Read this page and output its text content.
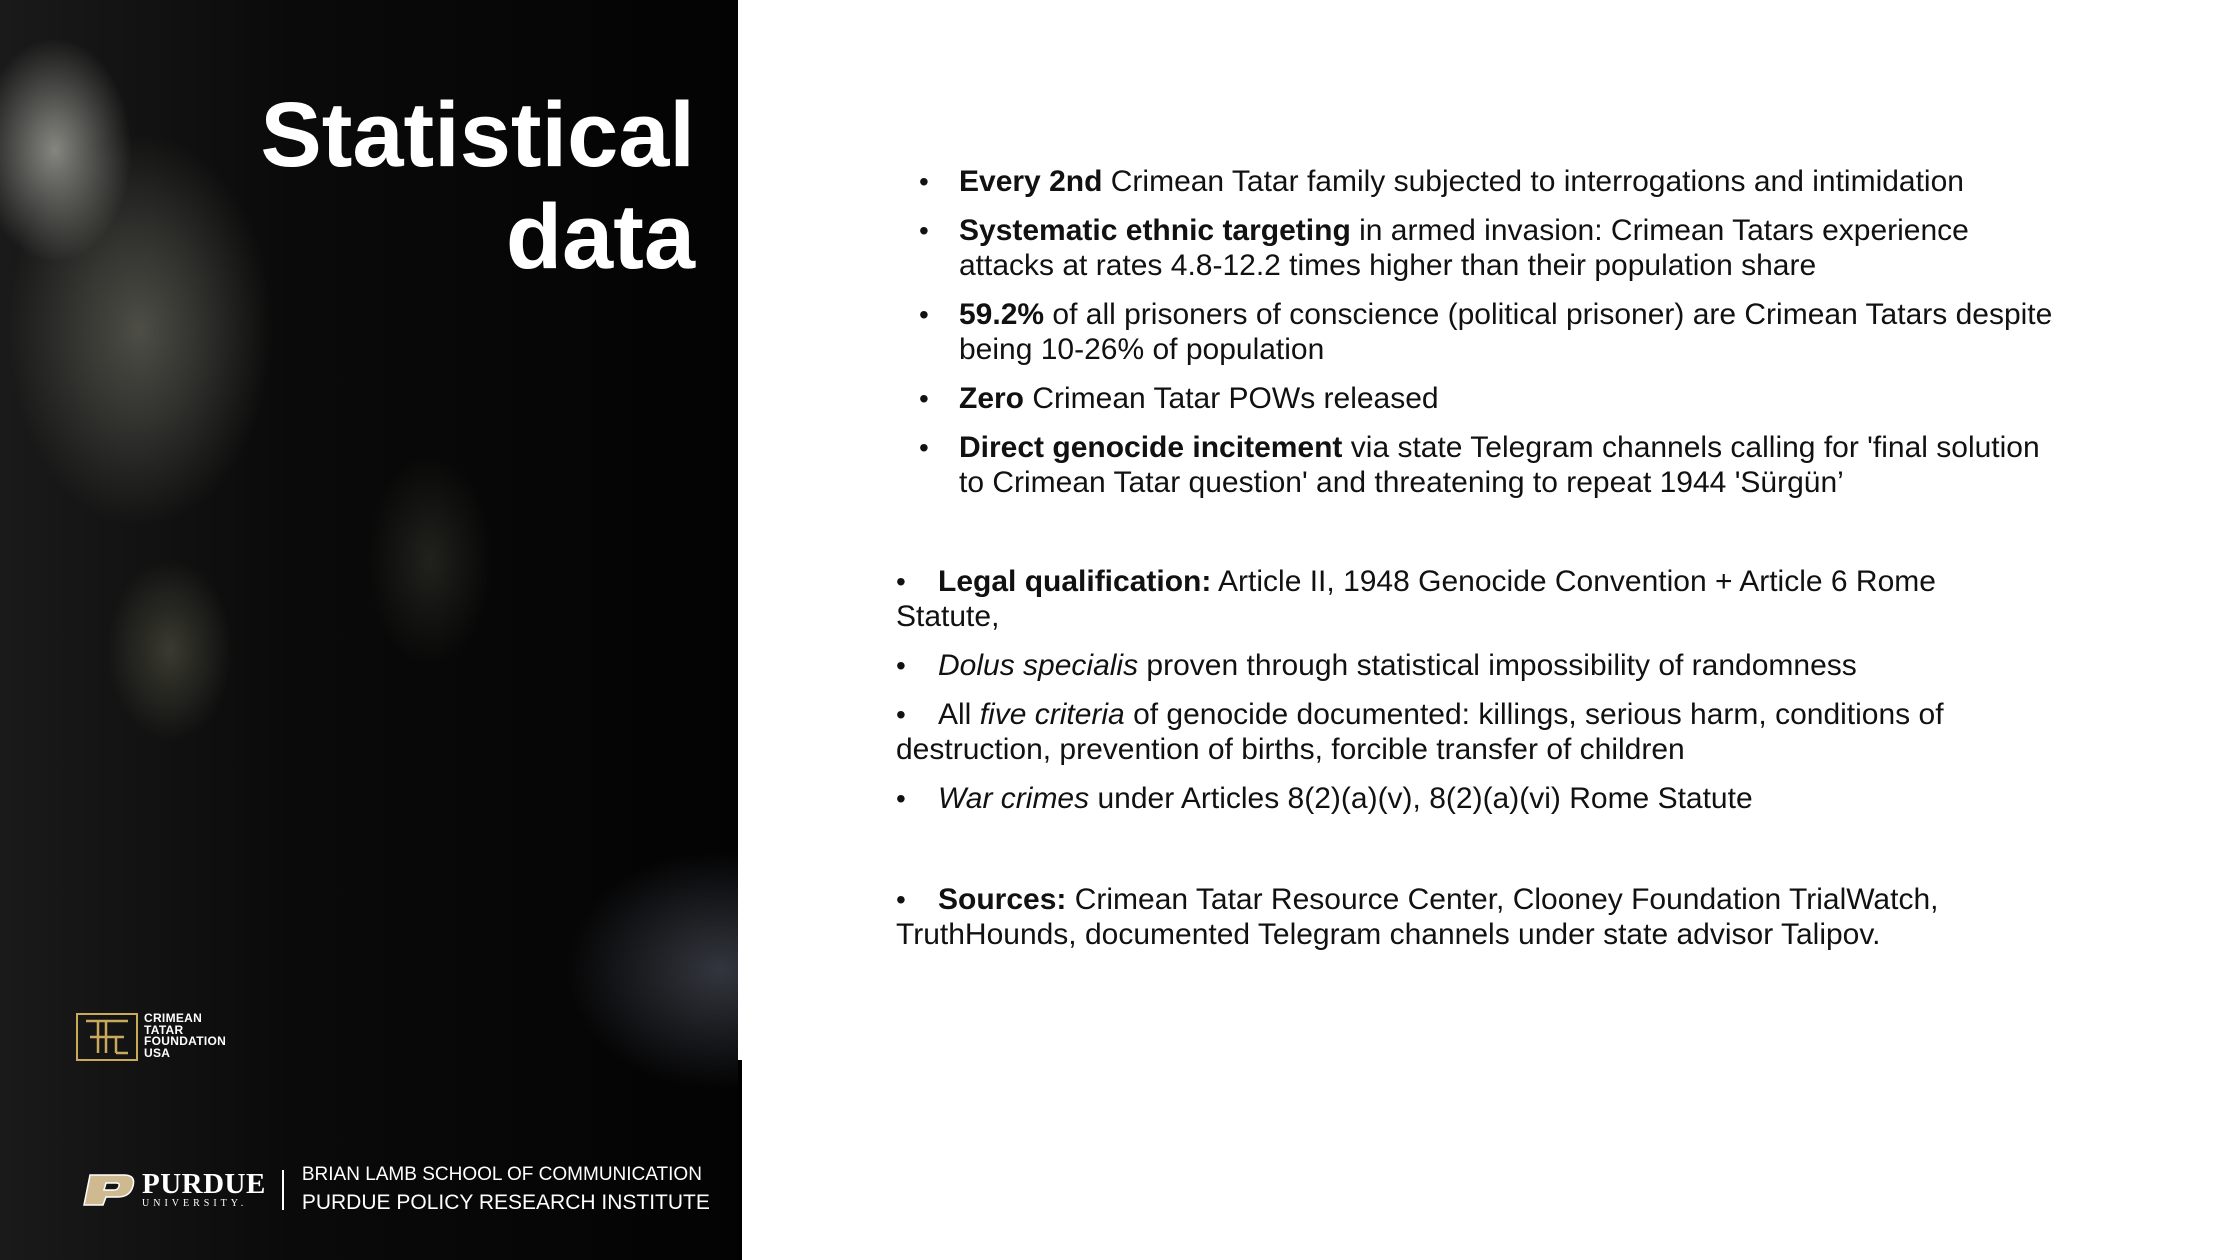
Statistical
data
CRIMEAN
TATAR
FOUNDATION
USA
PURDUE
UNIVERSITY.
BRIAN LAMB SCHOOL OF COMMUNICATION
PURDUE POLICY RESEARCH INSTITUTE
• Every 2nd Crimean Tatar family subjected to interrogations and intimidation
• Systematic ethnic targeting in armed invasion: Crimean Tatars experience attacks at rates 4.8-12.2 times higher than their population share
• 59.2% of all prisoners of conscience (political prisoner) are Crimean Tatars despite being 10-26% of population
• Zero Crimean Tatar POWs released
• Direct genocide incitement via state Telegram channels calling for 'final solution to Crimean Tatar question' and threatening to repeat 1944 'Sürgün’
• Legal qualification: Article II, 1948 Genocide Convention + Article 6 Rome Statute,
• Dolus specialis proven through statistical impossibility of randomness
• All five criteria of genocide documented: killings, serious harm, conditions of destruction, prevention of births, forcible transfer of children
• War crimes under Articles 8(2)(a)(v), 8(2)(a)(vi) Rome Statute
• Sources: Crimean Tatar Resource Center, Clooney Foundation TrialWatch, TruthHounds, documented Telegram channels under state advisor Talipov.
